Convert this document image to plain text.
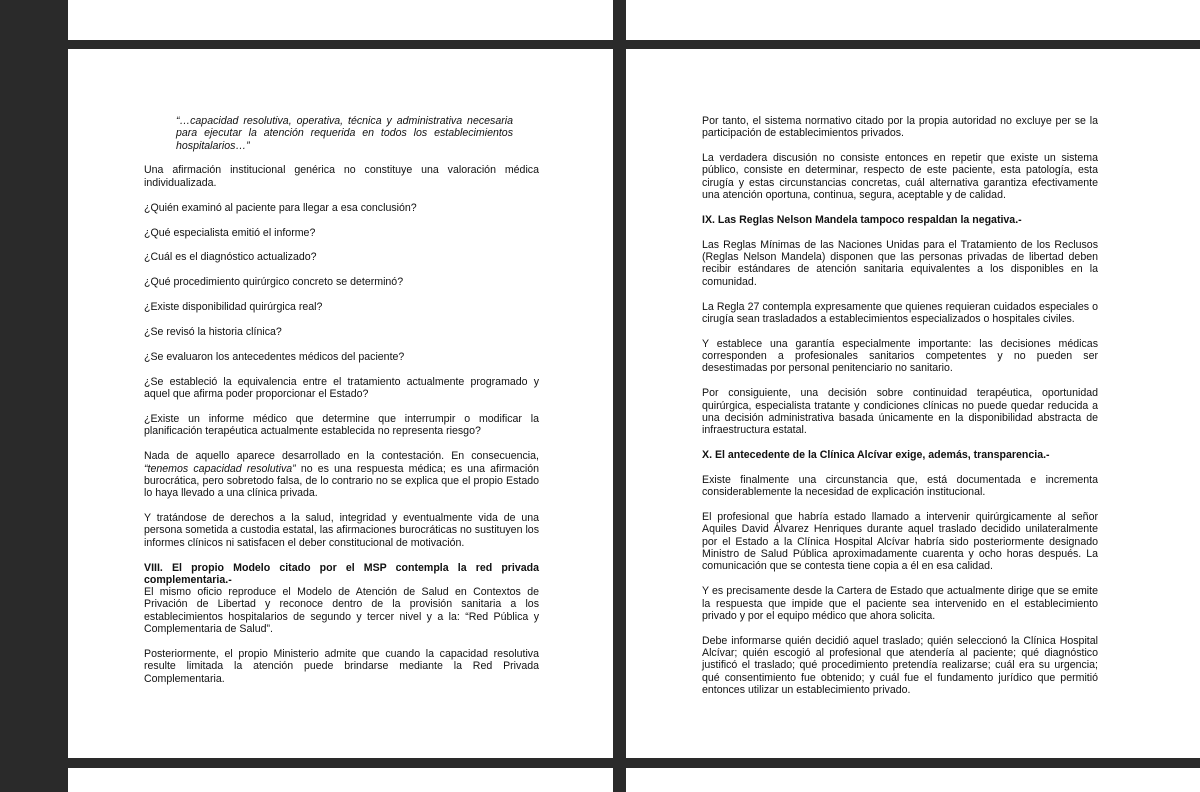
“…capacidad resolutiva, operativa, técnica y administrativa necesaria para ejecutar la atención requerida en todos los establecimientos hospitalarios…”

Una afirmación institucional genérica no constituye una valoración médica individualizada.

¿Quién examinó al paciente para llegar a esa conclusión?

¿Qué especialista emitió el informe?

¿Cuál es el diagnóstico actualizado?

¿Qué procedimiento quirúrgico concreto se determinó?

¿Existe disponibilidad quirúrgica real?

¿Se revisó la historia clínica?

¿Se evaluaron los antecedentes médicos del paciente?

¿Se estableció la equivalencia entre el tratamiento actualmente programado y aquel que afirma poder proporcionar el Estado?

¿Existe un informe médico que determine que interrumpir o modificar la planificación terapéutica actualmente establecida no representa riesgo?

Nada de aquello aparece desarrollado en la contestación. En consecuencia, “tenemos capacidad resolutiva” no es una respuesta médica; es una afirmación burocrática, pero sobretodo falsa, de lo contrario no se explica que el propio Estado lo haya llevado a una clínica privada.

Y tratándose de derechos a la salud, integridad y eventualmente vida de una persona sometida a custodia estatal, las afirmaciones burocráticas no sustituyen los informes clínicos ni satisfacen el deber constitucional de motivación.

VIII. El propio Modelo citado por el MSP contempla la red privada complementaria.-

El mismo oficio reproduce el Modelo de Atención de Salud en Contextos de Privación de Libertad y reconoce dentro de la provisión sanitaria a los establecimientos hospitalarios de segundo y tercer nivel y a la: “Red Pública y Complementaria de Salud”.

Posteriormente, el propio Ministerio admite que cuando la capacidad resolutiva resulte limitada la atención puede brindarse mediante la Red Privada Complementaria.

Por tanto, el sistema normativo citado por la propia autoridad no excluye per se la participación de establecimientos privados.

La verdadera discusión no consiste entonces en repetir que existe un sistema público, consiste en determinar, respecto de este paciente, esta patología, esta cirugía y estas circunstancias concretas, cuál alternativa garantiza efectivamente una atención oportuna, continua, segura, aceptable y de calidad.

IX. Las Reglas Nelson Mandela tampoco respaldan la negativa.-

Las Reglas Mínimas de las Naciones Unidas para el Tratamiento de los Reclusos (Reglas Nelson Mandela) disponen que las personas privadas de libertad deben recibir estándares de atención sanitaria equivalentes a los disponibles en la comunidad.

La Regla 27 contempla expresamente que quienes requieran cuidados especiales o cirugía sean trasladados a establecimientos especializados o hospitales civiles.

Y establece una garantía especialmente importante: las decisiones médicas corresponden a profesionales sanitarios competentes y no pueden ser desestimadas por personal penitenciario no sanitario.

Por consiguiente, una decisión sobre continuidad terapéutica, oportunidad quirúrgica, especialista tratante y condiciones clínicas no puede quedar reducida a una decisión administrativa basada únicamente en la disponibilidad abstracta de infraestructura estatal.

X. El antecedente de la Clínica Alcívar exige, además, transparencia.-

Existe finalmente una circunstancia que, está documentada e incrementa considerablemente la necesidad de explicación institucional.

El profesional que habría estado llamado a intervenir quirúrgicamente al señor Aquiles David Álvarez Henriques durante aquel traslado decidido unilateralmente por el Estado a la Clínica Hospital Alcívar habría sido posteriormente designado Ministro de Salud Pública aproximadamente cuarenta y ocho horas después. La comunicación que se contesta tiene copia a él en esa calidad.

Y es precisamente desde la Cartera de Estado que actualmente dirige que se emite la respuesta que impide que el paciente sea intervenido en el establecimiento privado y por el equipo médico que ahora solicita.

Debe informarse quién decidió aquel traslado; quién seleccionó la Clínica Hospital Alcívar; quién escogió al profesional que atendería al paciente; qué diagnóstico justificó el traslado; qué procedimiento pretendía realizarse; cuál era su urgencia; qué consentimiento fue obtenido; y cuál fue el fundamento jurídico que permitió entonces utilizar un establecimiento privado.
